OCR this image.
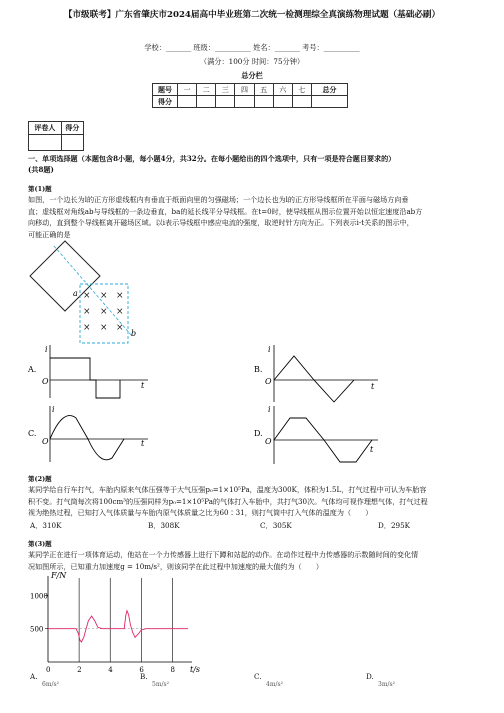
【市级联考】广东省肇庆市2024届高中毕业班第二次统一检测理综全真演练物理试题（基础必刷）
学校：_______ 班级：__________ 姓名：_______ 考号：__________
（满分：100分 时间：75分钟）
总分栏
题号	一	二	三	四	五	六	七	总分
得分								
评卷人	得分

一、单项选择题（本题包含8小题，每小题4分，共32分。在每小题给出的四个选项中，只有一项是符合题目要求的）
(共8题)
第(1)题
如图，一个边长为l的正方形虚线框内有垂直于纸面向里的匀强磁场；一个边长也为l的正方形导线框所在平面与磁场方向垂
直；虚线框对角线ab与导线框的一条边垂直，ba的延长线平分导线框。在t=0时，使导线框从图示位置开始以恒定速度沿ab方
向移动，直到整个导线框离开磁场区域。以i表示导线框中感应电流的强度，取逆时针方向为正。下列表示i-t关系的图示中，
可能正确的是
× × ×
× × ×
× × ×
a
b
A.
i
t
O
B.
i
t
O
C.
i
t
O
D.
i
t
O
第(2)题
某同学给自行车打气，车胎内原来气体压强等于大气压强p₀=1×10⁵Pa，温度为300K，体积为1.5L，打气过程中可认为车胎容
积不变。打气筒每次将100cm³的压强同样为p₀=1×10⁵Pa的气体打入车胎中，共打气30次。气体均可视作理想气体，打气过程
视为绝热过程，已知打入气体质量与车胎内原气体质量之比为60∶31，则打气筒中打入气体的温度为（　　）
A．310K	B．308K	C．305K	D．295K
第(3)题
某同学正在进行一项体育运动，他站在一个力传感器上进行下蹲和站起的动作。在动作过程中力传感器的示数随时间的变化情
况如图所示，已知重力加速度g = 10m/s²，则该同学在此过程中加速度的最大值约为（　　）
F/N
t/s
0	2	4	6	8
500
1000
A.
6m/s²
B.
5m/s²
C.
4m/s²
D.
3m/s²
